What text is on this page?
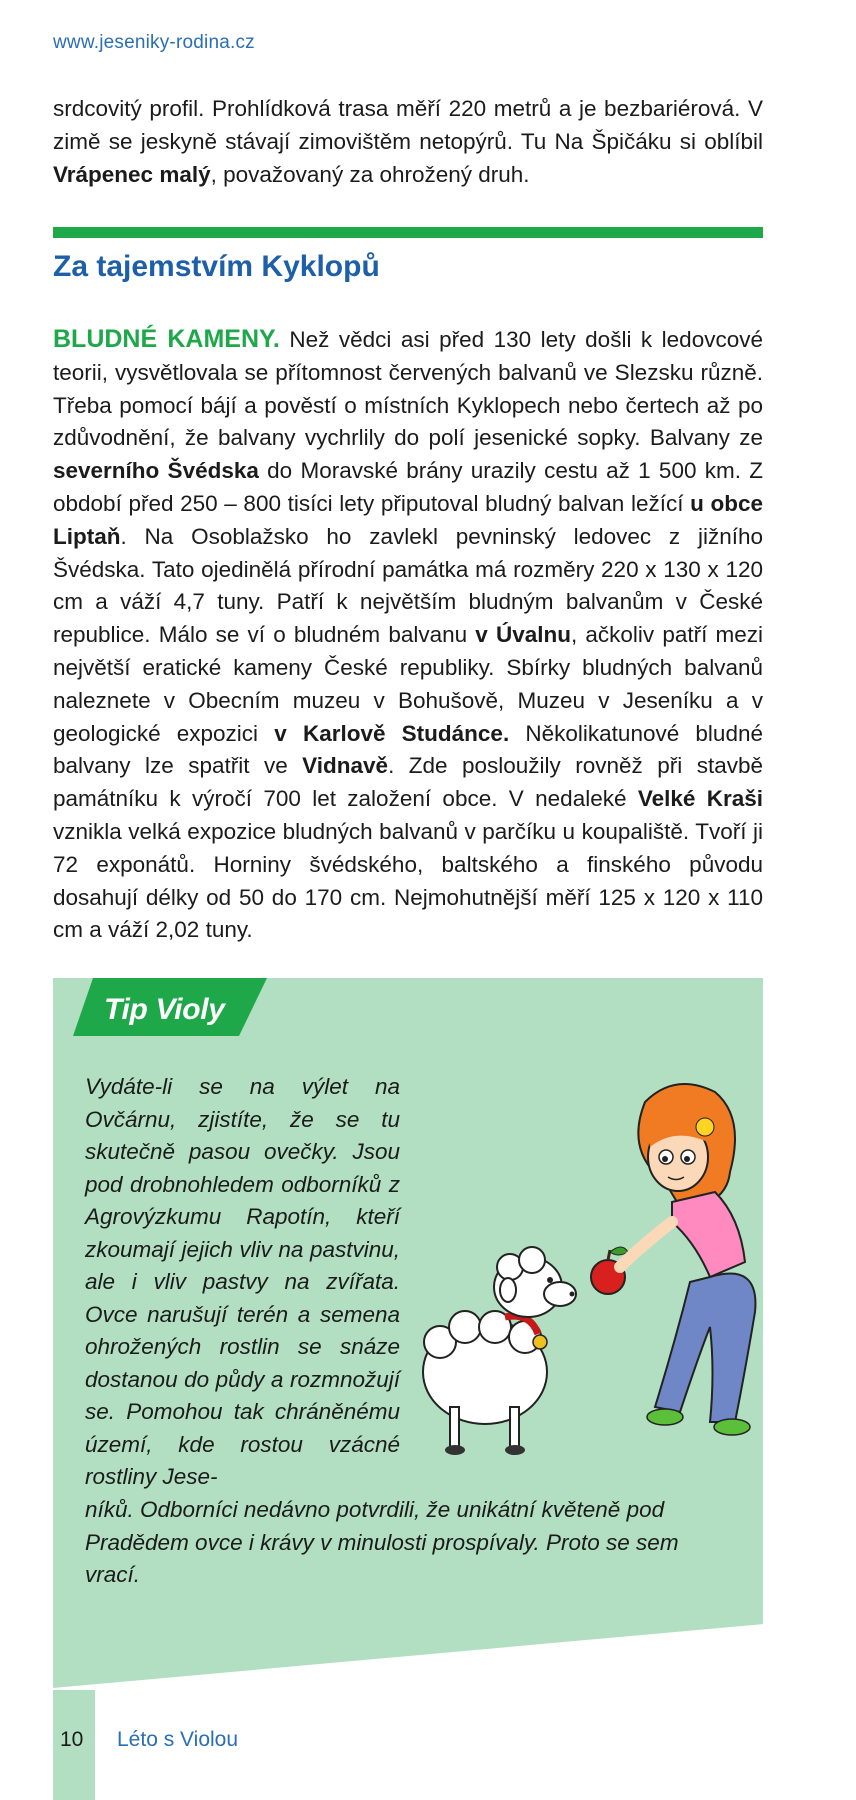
www.jeseniky-rodina.cz

srdcovitý profil. Prohlídková trasa měří 220 metrů a je bezbariérová. V zimě se jeskyně stávají zimovištěm netopýrů. Tu Na Špičáku si oblíbil Vrápenec malý, považovaný za ohrožený druh.

Za tajemstvím Kyklopů

BLUDNÉ KAMENY. Než vědci asi před 130 lety došli k ledovcové teorii, vysvětlovala se přítomnost červených balvanů ve Slezsku různě. Třeba pomocí bájí a pověstí o místních Kyklopech nebo čertech až po zdůvodnění, že balvany vychrlily do polí jesenické sopky. Balvany ze severního Švédska do Moravské brány urazily cestu až 1 500 km. Z období před 250 – 800 tisíci lety připutoval bludný balvan ležící u obce Liptaň. Na Osoblažsko ho zavlekl pevninský ledovec z jižního Švédska. Tato ojedinělá přírodní památka má rozměry 220 x 130 x 120 cm a váží 4,7 tuny. Patří k největším bludným balvanům v České republice. Málo se ví o bludném balvanu v Úvalnu, ačkoliv patří mezi největší eratické kameny České republiky. Sbírky bludných balvanů naleznete v Obecním muzeu v Bohušově, Muzeu v Jeseníku a v geologické expozici v Karlově Studánce. Několikatunové bludné balvany lze spatřit ve Vidnavě. Zde posloužily rovněž při stavbě památníku k výročí 700 let založení obce. V nedaleké Velké Kraši vznikla velká expozice bludných balvanů v parčíku u koupaliště. Tvoří ji 72 exponátů. Horniny švédského, baltského a finského původu dosahují délky od 50 do 170 cm. Nejmohutnější měří 125 x 120 x 110 cm a váží 2,02 tuny.

Tip Violy

Vydáte-li se na výlet na Ovčárnu, zjistíte, že se tu skutečně pasou ovečky. Jsou pod drobnohledem odborníků z Agrovýzkumu Rapotín, kteří zkoumají jejich vliv na pastvinu, ale i vliv pastvy na zvířata. Ovce narušují terén a semena ohrožených rostlin se snáze dostanou do půdy a rozmnožují se. Pomohou tak chráněnému území, kde rostou vzácné rostliny Jese-

níků. Odborníci nedávno potvrdili, že unikátní květeně pod Pradědem ovce i krávy v minulosti prospívaly. Proto se sem vrací.

10 Léto s Violou
